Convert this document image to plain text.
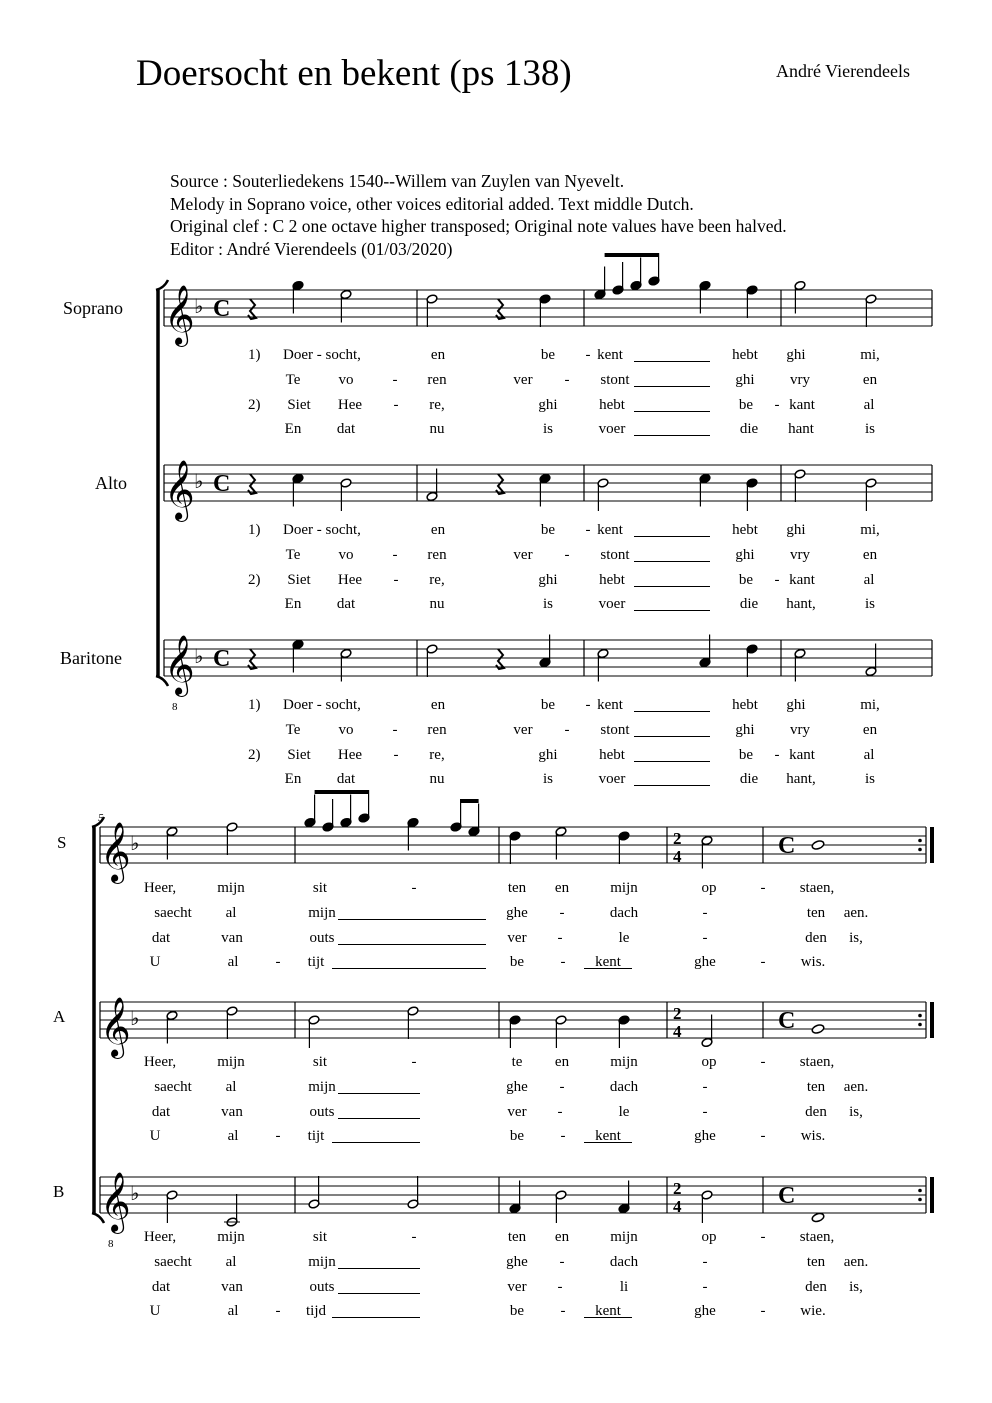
Doersocht en bekent (ps 138)	André Vierendeels
Source : Souterliedekens 1540--Willem van Zuylen van Nyevelt.
Melody in Soprano voice, other voices editorial added. Text middle Dutch.
Original clef : C 2 one octave higher transposed; Original note values have been halved.
Editor : André Vierendeels (01/03/2020)
𝄞 ♭ C
𝄞 ♭ C
𝄞
8
♭ C
Soprano
Alto
Baritone
5
𝄞 ♭	2
4	C
𝄞 ♭	2
4	C
𝄞
8
♭	2
4	C
S
A
B
Doer - socht,	en	be - kent	hebt ghi	mi,
1)
Te	vo	- ren	ver - stont	ghi vry	en
Siet Hee - re,	ghi	hebt	be - kant	al
2)
En dat	nu	is	voer	die hant	is
Doer - socht,	en	be - kent	hebt ghi	mi,
1)
Te	vo	- ren	ver - stont	ghi vry	en
Siet Hee - re,	ghi	hebt	be - kant	al
2)
En dat	nu	is	voer	die hant,	is
Doer - socht,	en	be - kent	hebt ghi	mi,
1)
Te	vo	- ren	ver - stont	ghi vry	en
Siet Hee - re,	ghi	hebt	be - kant	al
2)
En dat	nu	is	voer	die hant,	is
Heer,	mijn	sit	-	ten en	mijn	op	- staen,
saecht al	mijn	ghe -	dach	-	ten aen.
dat	van	outs	ver -	le	-	den is,
U	al - tijt	be - kent	ghe	- wis.
Heer,	mijn	sit	-	te en	mijn	op	- staen,
saecht al	mijn	ghe -	dach	-	ten aen.
dat	van	outs	ver -	le	-	den is,
U	al - tijt	be - kent	ghe	- wis.
Heer,	mijn	sit	-	ten en	mijn	op	- staen,
saecht al	mijn	ghe -	dach	-	ten aen.
dat	van	outs	ver -	li	-	den is,
U	al - tijd	be - kent	ghe	- wie.
